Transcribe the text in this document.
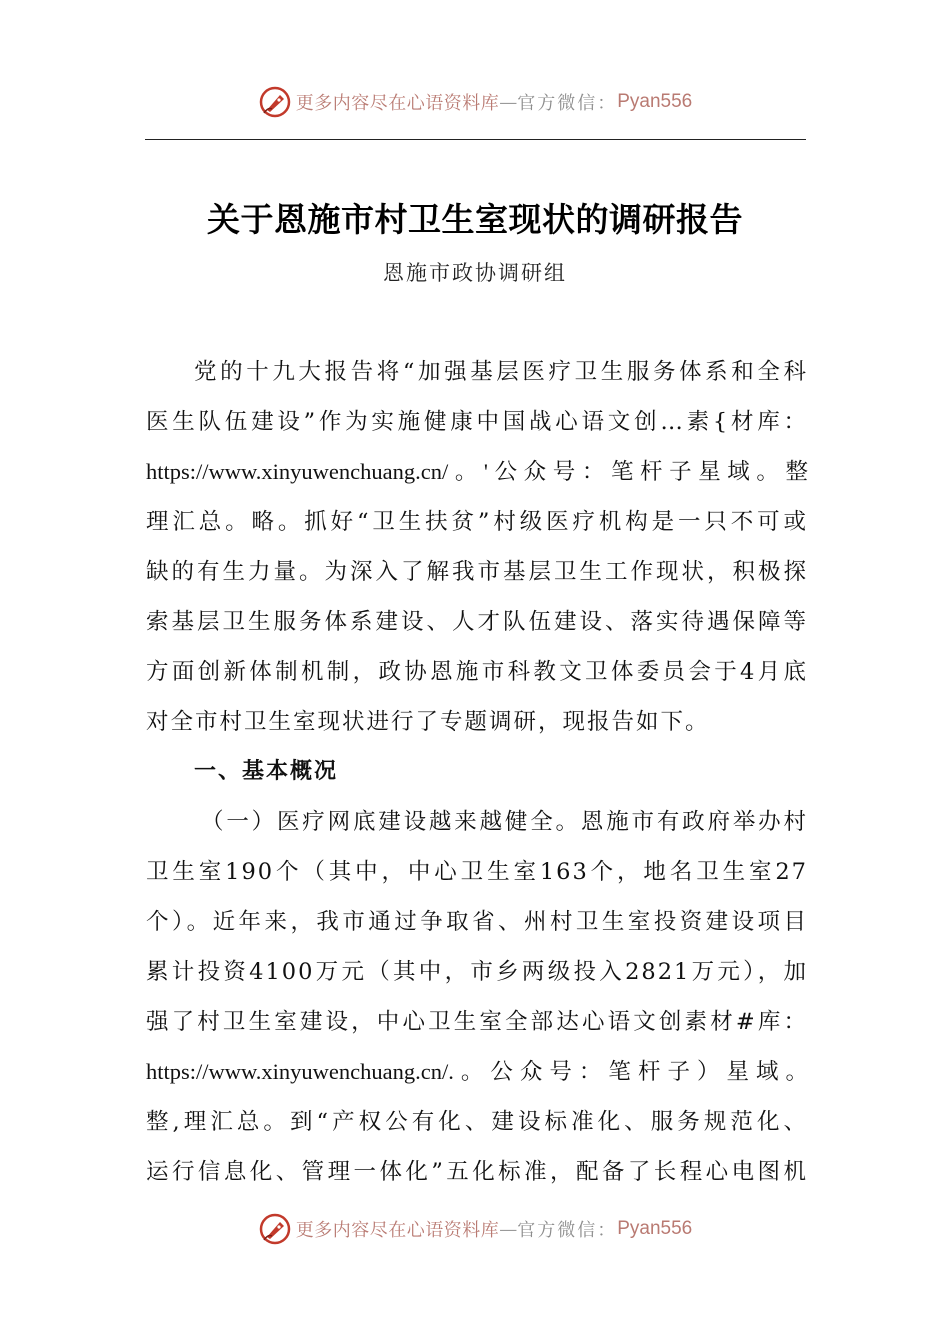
更多内容尽在心语资料库 — 官方微信： Pyan556
关于恩施市村卫生室现状的调研报告
恩施市政协调研组
党的十九大报告将“加强基层医疗卫生服务体系和全科
医生队伍建设”作为实施健康中国战心语文创…素{材库：
https://www.xinyuwenchuang.cn/。'公众号：笔杆子星域。整
理汇总。略。抓好“卫生扶贫”村级医疗机构是一只不可或
缺的有生力量。为深入了解我市基层卫生工作现状，积极探
索基层卫生服务体系建设、人才队伍建设、落实待遇保障等
方面创新体制机制，政协恩施市科教文卫体委员会于4月底
对全市村卫生室现状进行了专题调研，现报告如下。
一、基本概况
（一）医疗网底建设越来越健全。恩施市有政府举办村
卫生室190个（其中，中心卫生室163个，地名卫生室27
个）。近年来，我市通过争取省、州村卫生室投资建设项目
累计投资4100万元（其中，市乡两级投入2821万元），加
强了村卫生室建设，中心卫生室全部达心语文创素材#库：
https://www.xinyuwenchuang.cn/.。公众号：笔杆子）星域。
整,理汇总。到“产权公有化、建设标准化、服务规范化、
运行信息化、管理一体化”五化标准，配备了长程心电图机
更多内容尽在心语资料库 — 官方微信： Pyan556
